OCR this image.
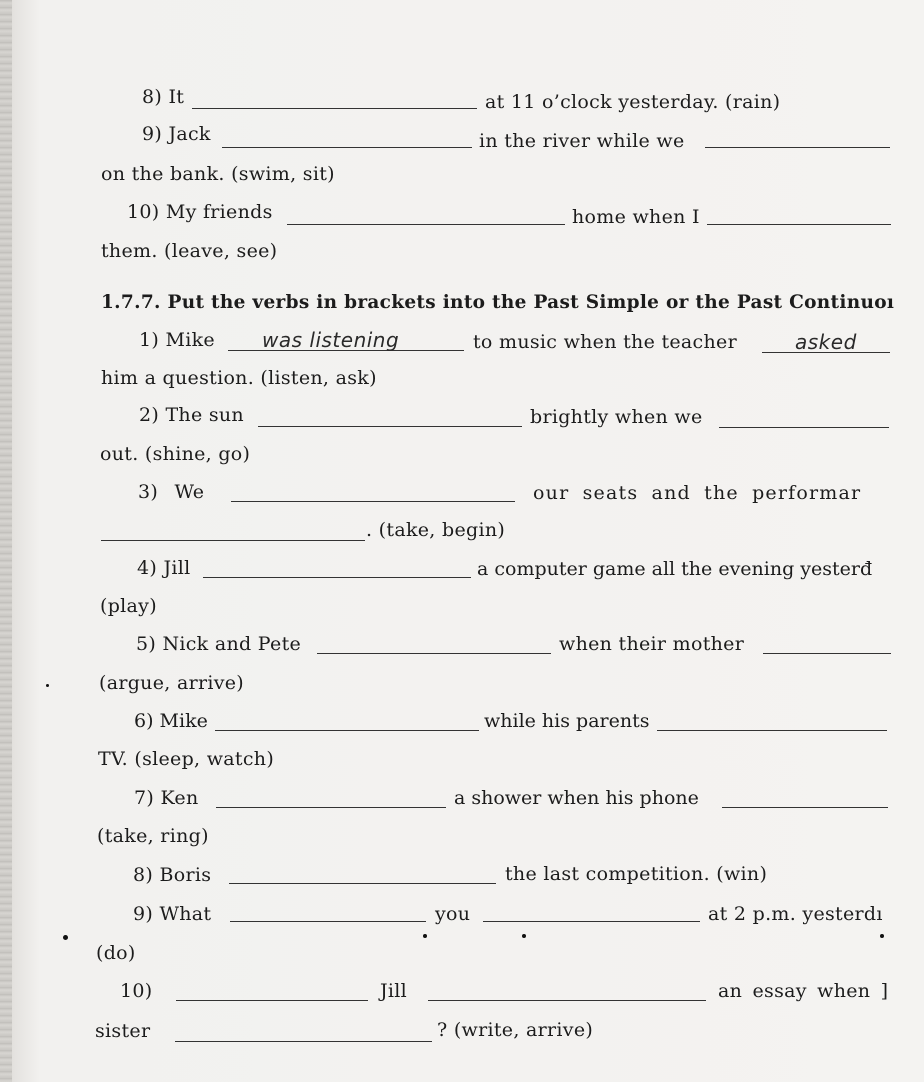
8) It	at 11 o’clock yesterday. (rain)
9) Jack	in the river while we
on the bank. (swim, sit)
10) My friends	home when I
them. (leave, see)
1.7.7. Put the verbs in brackets into the Past Simple or the Past Continuoı
1) Mike was listening	to music when the teacher	asked
him a question. (listen, ask)
2) The sun	brightly when we
out. (shine, go)
3) We	our seats and the performar
. (take, begin)
4) Jill	a computer game all the evening yesterđ
(play)
5) Nick and Pete	when their mother
(argue, arrive)
6) Mike	while his parents
TV. (sleep, watch)
7) Ken	a shower when his phone
(take, ring)
8) Boris	the last competition. (win)
9) What	you	at 2 p.m. yesterdı
(do)
10)	Jill	an essay when ]
sister	? (write, arrive)
